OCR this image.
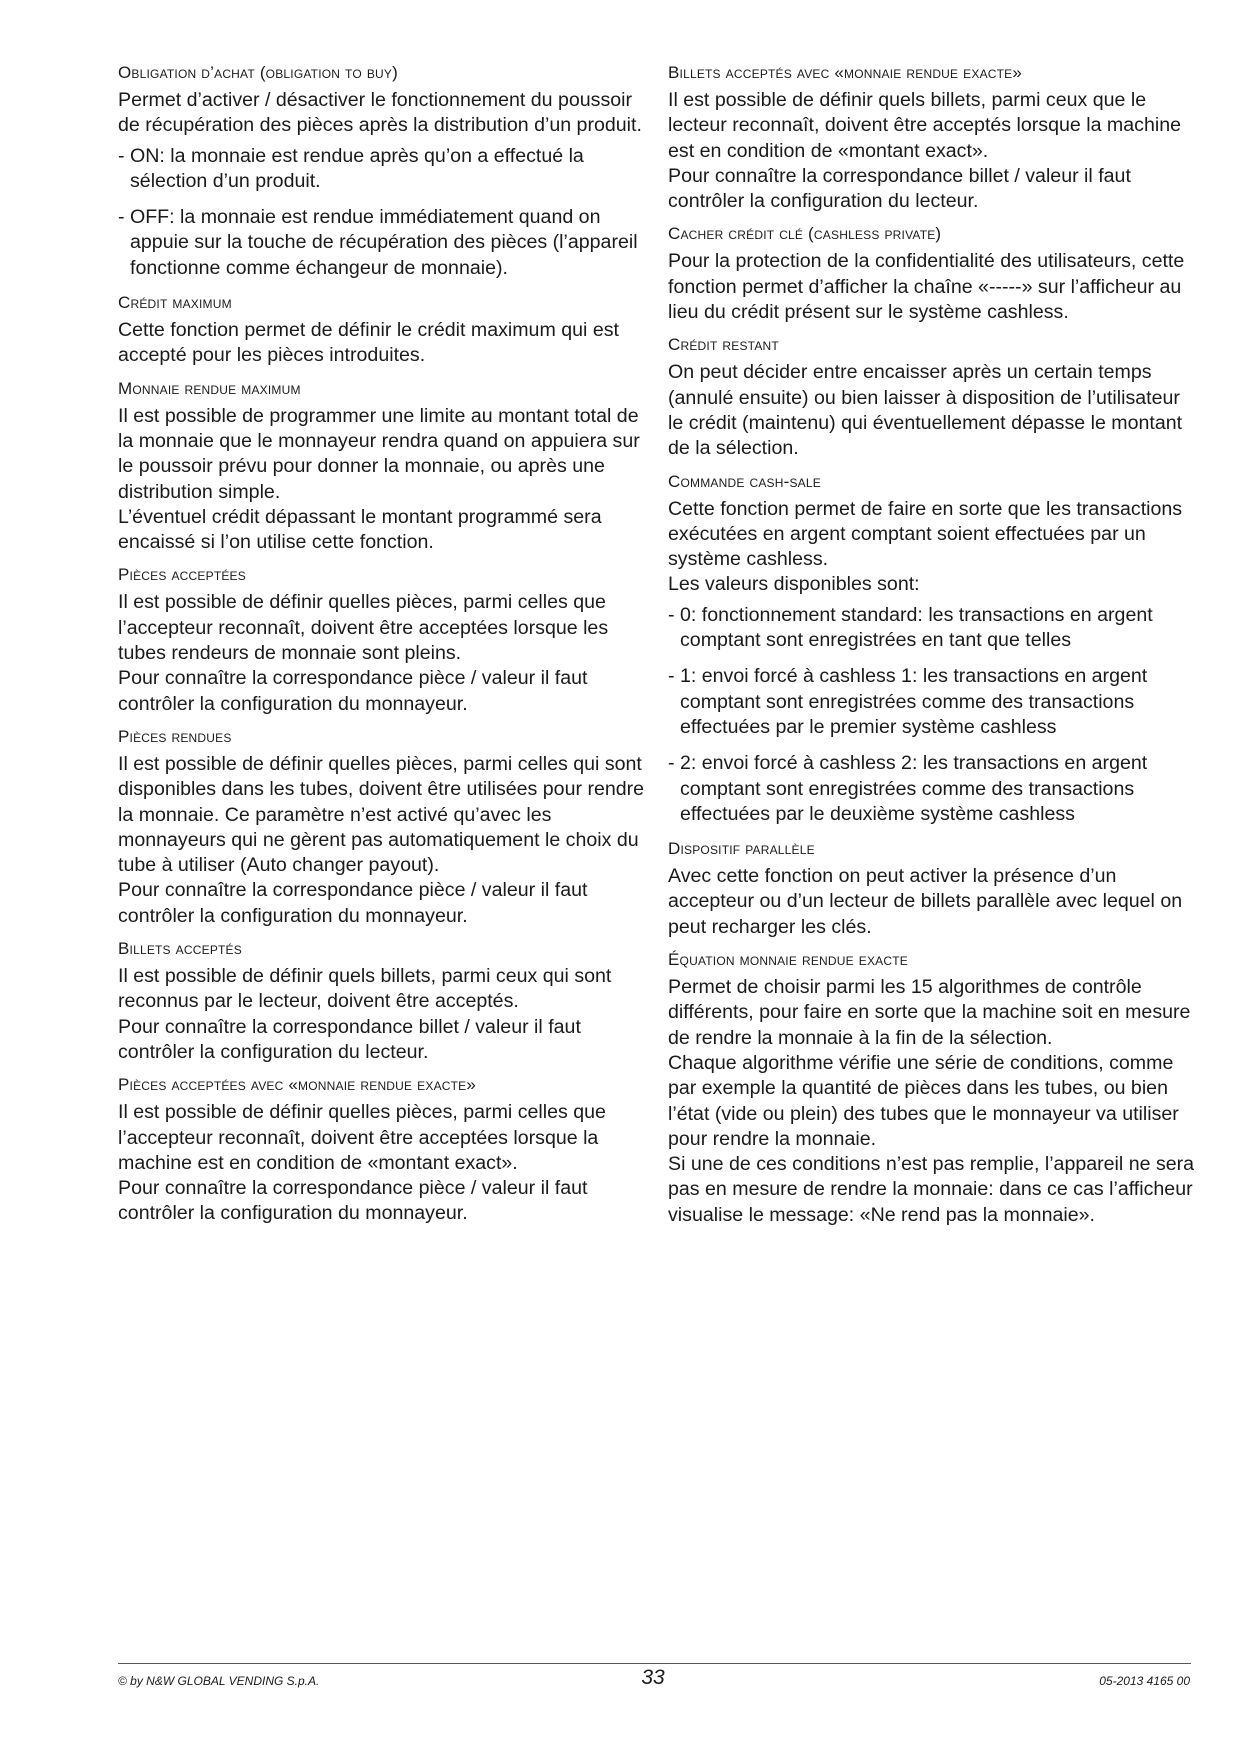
Obligation d’achat (obligation to buy)

Permet d’activer / désactiver le fonctionnement du poussoir de récupération des pièces après la distribution d’un produit.

- ON: la monnaie est rendue après qu’on a effectué la sélection d’un produit.
- OFF: la monnaie est rendue immédiatement quand on appuie sur la touche de récupération des pièces (l’appareil fonctionne comme échangeur de monnaie).
Crédit maximum

Cette fonction permet de définir le crédit maximum qui est accepté pour les pièces introduites.

Monnaie rendue maximum

Il est possible de programmer une limite au montant total de la monnaie que le monnayeur rendra quand on appuiera sur le poussoir prévu pour donner la monnaie, ou après une distribution simple.

L’éventuel crédit dépassant le montant programmé sera encaissé si l’on utilise cette fonction.

Pièces acceptées

Il est possible de définir quelles pièces, parmi celles que l’accepteur reconnaît, doivent être acceptées lorsque les tubes rendeurs de monnaie sont pleins.

Pour connaître la correspondance pièce / valeur il faut contrôler la configuration du monnayeur.

Pièces rendues

Il est possible de définir quelles pièces, parmi celles qui sont disponibles dans les tubes, doivent être utilisées pour rendre la monnaie. Ce paramètre n’est activé qu’avec les monnayeurs qui ne gèrent pas automatiquement le choix du tube à utiliser (Auto changer payout).

Pour connaître la correspondance pièce / valeur il faut contrôler la configuration du monnayeur.

Billets acceptés

Il est possible de définir quels billets, parmi ceux qui sont reconnus par le lecteur, doivent être acceptés.

Pour connaître la correspondance billet / valeur il faut contrôler la configuration du lecteur.

Pièces acceptées avec «monnaie rendue exacte»

Il est possible de définir quelles pièces, parmi celles que l’accepteur reconnaît, doivent être acceptées lorsque la machine est en condition de «montant exact».

Pour connaître la correspondance pièce / valeur il faut contrôler la configuration du monnayeur.

Billets acceptés avec «monnaie rendue exacte»

Il est possible de définir quels billets, parmi ceux que le lecteur reconnaît, doivent être acceptés lorsque la machine est en condition de «montant exact».

Pour connaître la correspondance billet / valeur il faut contrôler la configuration du lecteur.

Cacher crédit clé (cashless private)

Pour la protection de la confidentialité des utilisateurs, cette fonction permet d’afficher la chaîne «-----» sur l’afficheur au lieu du crédit présent sur le système cashless.

Crédit restant

On peut décider entre encaisser après un certain temps (annulé ensuite) ou bien laisser à disposition de l’utilisateur le crédit (maintenu) qui éventuellement dépasse le montant de la sélection.

Commande cash-sale

Cette fonction permet de faire en sorte que les transactions exécutées en argent comptant soient effectuées par un système cashless.

Les valeurs disponibles sont:

- 0: fonctionnement standard: les transactions en argent comptant sont enregistrées en tant que telles
- 1: envoi forcé à cashless 1: les transactions en argent comptant sont enregistrées comme des transactions effectuées par le premier système cashless
- 2: envoi forcé à cashless 2: les transactions en argent comptant sont enregistrées comme des transactions effectuées par le deuxième système cashless
Dispositif parallèle

Avec cette fonction on peut activer la présence d’un accepteur ou d’un lecteur de billets parallèle avec lequel on peut recharger les clés.

Équation monnaie rendue exacte

Permet de choisir parmi les 15 algorithmes de contrôle différents, pour faire en sorte que la machine soit en mesure de rendre la monnaie à la fin de la sélection.

Chaque algorithme vérifie une série de conditions, comme par exemple la quantité de pièces dans les tubes, ou bien l’état (vide ou plein) des tubes que le monnayeur va utiliser pour rendre la monnaie.

Si une de ces conditions n’est pas remplie, l’appareil ne sera pas en mesure de rendre la monnaie: dans ce cas l’afficheur visualise le message: «Ne rend pas la monnaie».

© by N&W GLOBAL VENDING S.p.A.	33	05-2013 4165 00
